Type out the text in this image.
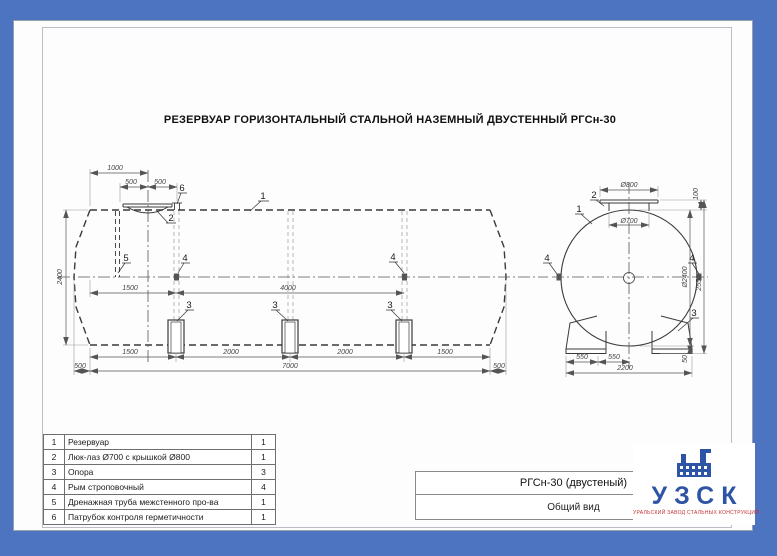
РЕЗЕРВУАР ГОРИЗОНТАЛЬНЫЙ СТАЛЬНОЙ НАЗЕМНЫЙ ДВУСТЕННЫЙ РГСн-30
1000
500 500
2400
1500	4000
1500	2000	2000	1500
500	7000	500
1
2
6
5	4	4
3	3	3
Ø800
Ø700
100
Ø2400 2550
50
550	550
2200
1
2
4	4
3
1	Резервуар	1
2	Люк-лаз Ø700 с крышкой Ø800	1
3	Опора	3
4	Рым строповочный	4
5	Дренажная труба межстенного про-ва	1
6	Патрубок контроля герметичности	1
РГСн-30 (двустеный)
Общий вид	УЗСК
УРАЛЬСКИЙ ЗАВОД СТАЛЬНЫХ КОНСТРУКЦИЙ
